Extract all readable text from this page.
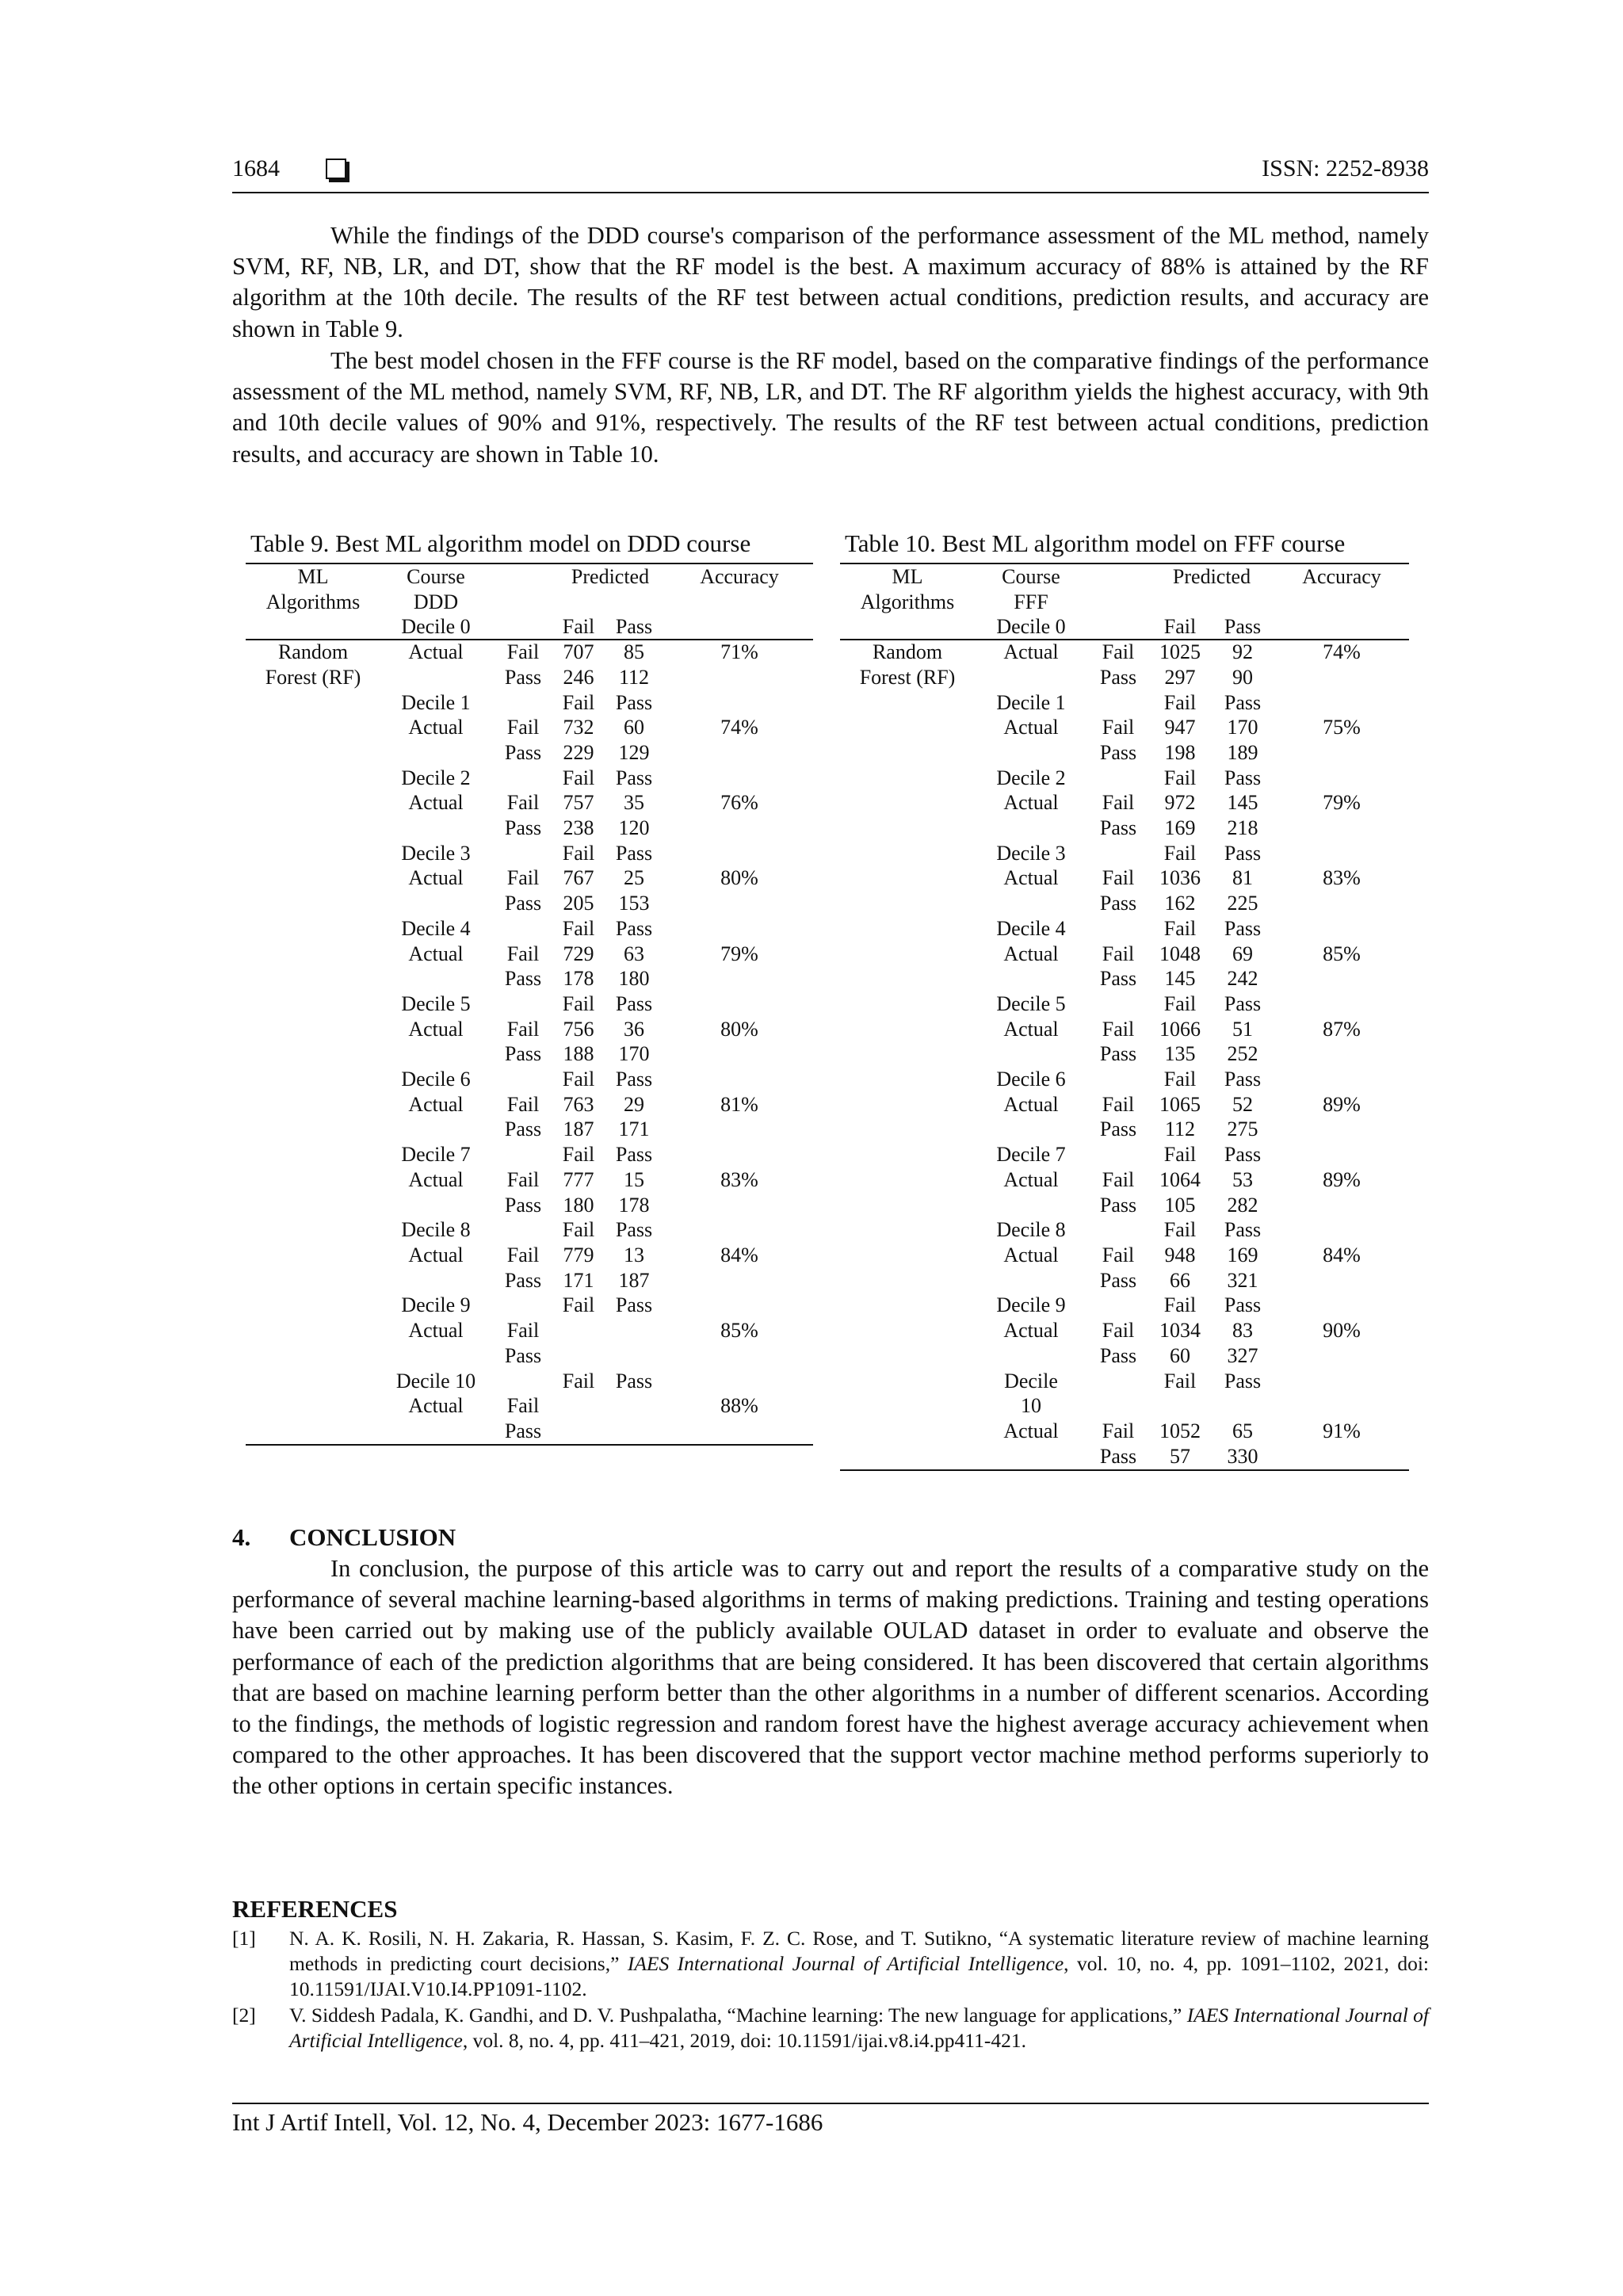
1684	ISSN: 2252-8938

While the findings of the DDD course's comparison of the performance assessment of the ML method, namely SVM, RF, NB, LR, and DT, show that the RF model is the best. A maximum accuracy of 88% is attained by the RF algorithm at the 10th decile. The results of the RF test between actual conditions, prediction results, and accuracy are shown in Table 9.

The best model chosen in the FFF course is the RF model, based on the comparative findings of the performance assessment of the ML method, namely SVM, RF, NB, LR, and DT. The RF algorithm yields the highest accuracy, with 9th and 10th decile values of 90% and 91%, respectively. The results of the RF test between actual conditions, prediction results, and accuracy are shown in Table 10.

Table 9. Best ML algorithm model on DDD course
ML	Course		Predicted		Accuracy
Algorithms	DDD				
	Decile 0		Fail	Pass	
Random	Actual	Fail	707	85	71%
Forest (RF)		Pass	246	112	
	Decile 1		Fail	Pass	
	Actual	Fail	732	60	74%
		Pass	229	129	
	Decile 2		Fail	Pass	
	Actual	Fail	757	35	76%
		Pass	238	120	
	Decile 3		Fail	Pass	
	Actual	Fail	767	25	80%
		Pass	205	153	
	Decile 4		Fail	Pass	
	Actual	Fail	729	63	79%
		Pass	178	180	
	Decile 5		Fail	Pass	
	Actual	Fail	756	36	80%
		Pass	188	170	
	Decile 6		Fail	Pass	
	Actual	Fail	763	29	81%
		Pass	187	171	
	Decile 7		Fail	Pass	
	Actual	Fail	777	15	83%
		Pass	180	178	
	Decile 8		Fail	Pass	
	Actual	Fail	779	13	84%
		Pass	171	187	
	Decile 9		Fail	Pass	
	Actual	Fail			85%
		Pass			
	Decile 10		Fail	Pass	
	Actual	Fail			88%
		Pass			
Table 10. Best ML algorithm model on FFF course
ML	Course		Predicted		Accuracy
Algorithms	FFF				
	Decile 0		Fail	Pass	
Random	Actual	Fail	1025	92	74%
Forest (RF)		Pass	297	90	
	Decile 1		Fail	Pass	
	Actual	Fail	947	170	75%
		Pass	198	189	
	Decile 2		Fail	Pass	
	Actual	Fail	972	145	79%
		Pass	169	218	
	Decile 3		Fail	Pass	
	Actual	Fail	1036	81	83%
		Pass	162	225	
	Decile 4		Fail	Pass	
	Actual	Fail	1048	69	85%
		Pass	145	242	
	Decile 5		Fail	Pass	
	Actual	Fail	1066	51	87%
		Pass	135	252	
	Decile 6		Fail	Pass	
	Actual	Fail	1065	52	89%
		Pass	112	275	
	Decile 7		Fail	Pass	
	Actual	Fail	1064	53	89%
		Pass	105	282	
	Decile 8		Fail	Pass	
	Actual	Fail	948	169	84%
		Pass	66	321	
	Decile 9		Fail	Pass	
	Actual	Fail	1034	83	90%
		Pass	60	327	
	Decile		Fail	Pass	
	10				
	Actual	Fail	1052	65	91%
		Pass	57	330	
4. CONCLUSION

In conclusion, the purpose of this article was to carry out and report the results of a comparative study on the performance of several machine learning-based algorithms in terms of making predictions. Training and testing operations have been carried out by making use of the publicly available OULAD dataset in order to evaluate and observe the performance of each of the prediction algorithms that are being considered. It has been discovered that certain algorithms that are based on machine learning perform better than the other algorithms in a number of different scenarios. According to the findings, the methods of logistic regression and random forest have the highest average accuracy achievement when compared to the other approaches. It has been discovered that the support vector machine method performs superiorly to the other options in certain specific instances.

REFERENCES
[1] N. A. K. Rosili, N. H. Zakaria, R. Hassan, S. Kasim, F. Z. C. Rose, and T. Sutikno, “A systematic literature review of machine learning methods in predicting court decisions,” IAES International Journal of Artificial Intelligence, vol. 10, no. 4, pp. 1091–1102, 2021, doi: 10.11591/IJAI.V10.I4.PP1091-1102.
[2] V. Siddesh Padala, K. Gandhi, and D. V. Pushpalatha, “Machine learning: The new language for applications,” IAES International Journal of Artificial Intelligence, vol. 8, no. 4, pp. 411–421, 2019, doi: 10.11591/ijai.v8.i4.pp411-421.
Int J Artif Intell, Vol. 12, No. 4, December 2023: 1677-1686
